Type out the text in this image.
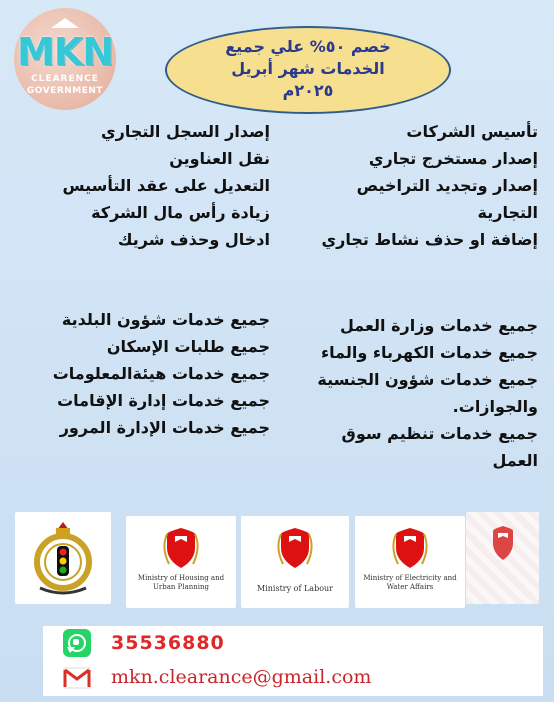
MKN
CLEARENCE
GOVERNMENT
خصم ٥٠% علي جميع
الخدمات شهر أبريل
٢٠٢٥م
تأسيس الشركات
إصدار مستخرج تجاري
إصدار وتجديد التراخيص
التجارية
إضافة او حذف نشاط تجاري
إصدار السجل التجاري
نقل العناوين
التعديل على عقد التأسيس
زيادة رأس مال الشركة
ادخال وحذف شريك
جميع خدمات وزارة العمل
جميع خدمات الكهرباء والماء
جميع خدمات شؤون الجنسية
والجوازات.
جميع خدمات تنظيم سوق
العمل
جميع خدمات شؤون البلدية
جميع طلبات الإسكان
جميع خدمات هيئةالمعلومات
جميع خدمات إدارة الإقامات
جميع خدمات الإدارة المرور
Ministry of Housing and Urban Planning	Ministry of Labour
Ministry of Electricity and Water Affairs
35536880
mkn.clearance@gmail.com
